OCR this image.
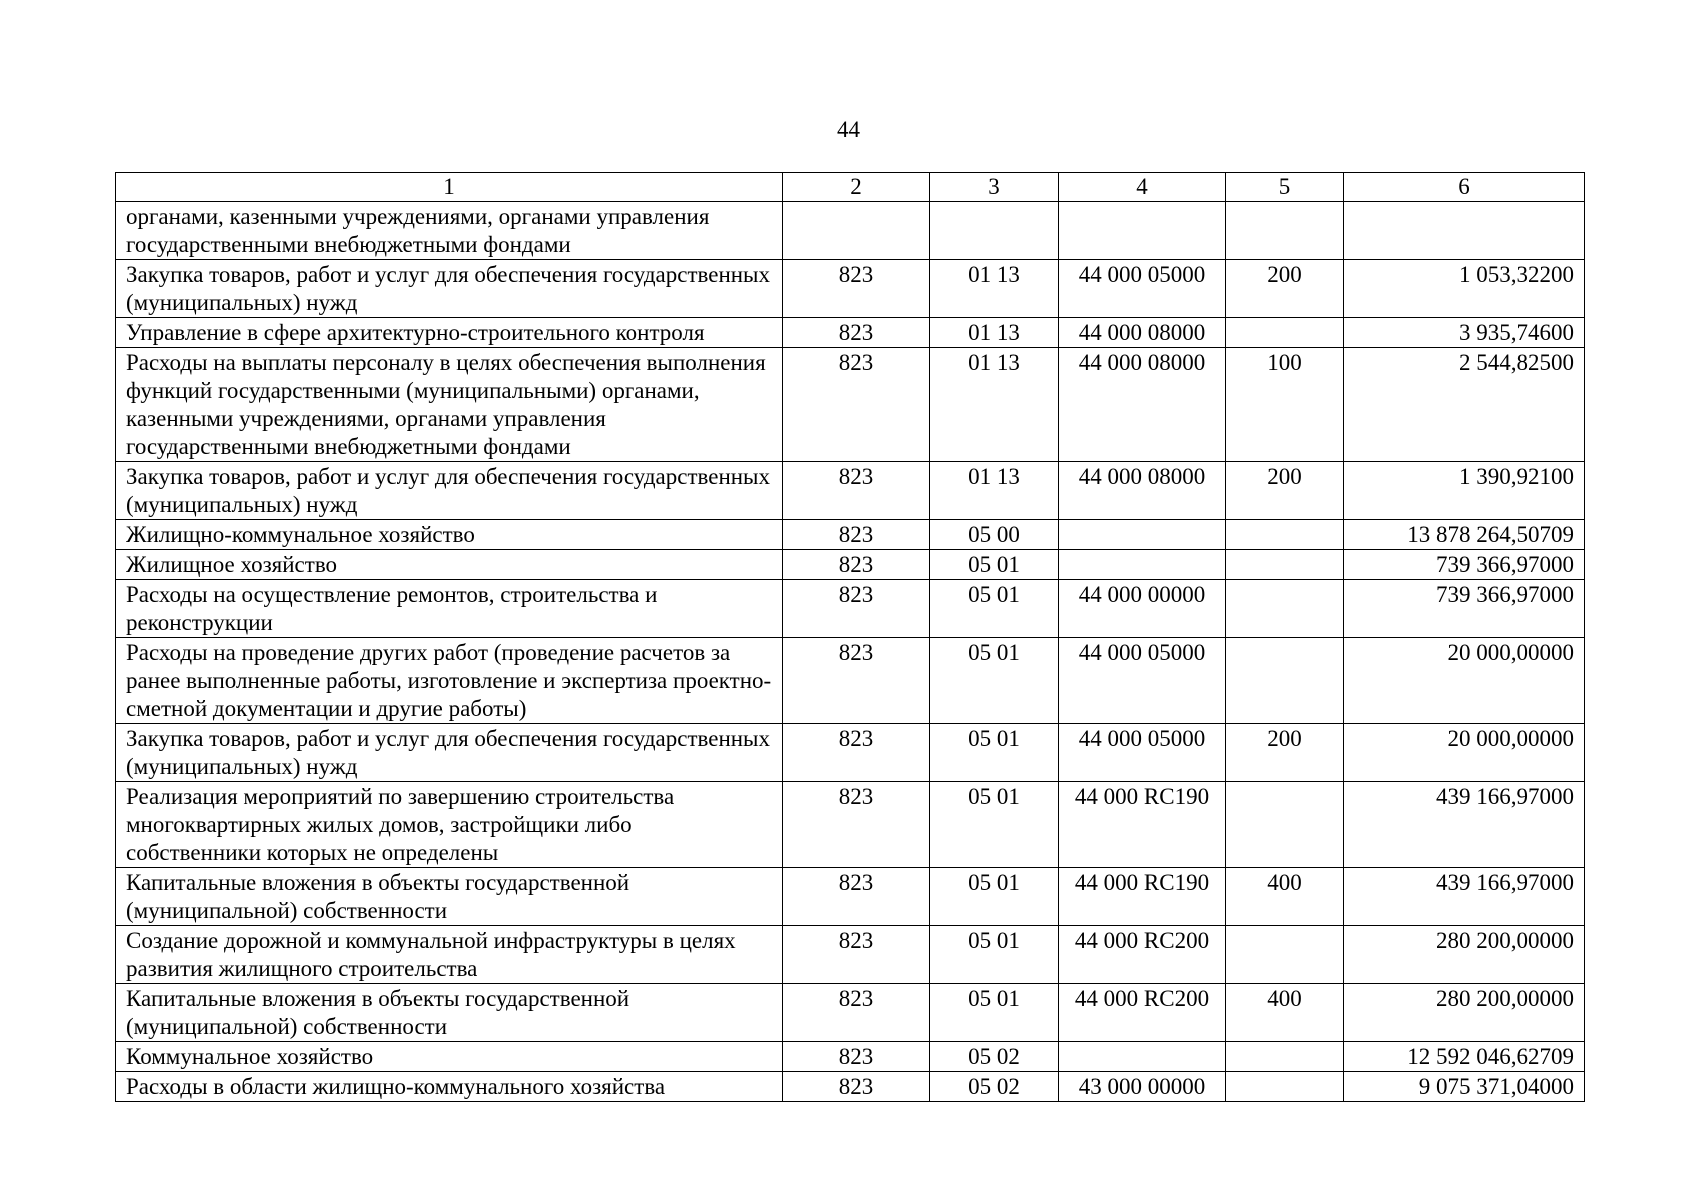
44
1	2	3	4	5	6
органами, казенными учреждениями, органами управления государственными внебюджетными фондами					
Закупка товаров, работ и услуг для обеспечения государственных (муниципальных) нужд	823	01 13	44 000 05000	200	1 053,32200
Управление в сфере архитектурно-строительного контроля	823	01 13	44 000 08000		3 935,74600
Расходы на выплаты персоналу в целях обеспечения выполнения функций государственными (муниципальными) органами, казенными учреждениями, органами управления государственными внебюджетными фондами	823	01 13	44 000 08000	100	2 544,82500
Закупка товаров, работ и услуг для обеспечения государственных (муниципальных) нужд	823	01 13	44 000 08000	200	1 390,92100
Жилищно-коммунальное хозяйство	823	05 00			13 878 264,50709
Жилищное хозяйство	823	05 01			739 366,97000
Расходы на осуществление ремонтов, строительства и реконструкции	823	05 01	44 000 00000		739 366,97000
Расходы на проведение других работ (проведение расчетов за ранее выполненные работы, изготовление и экспертиза проектно-сметной документации и другие работы)	823	05 01	44 000 05000		20 000,00000
Закупка товаров, работ и услуг для обеспечения государственных (муниципальных) нужд	823	05 01	44 000 05000	200	20 000,00000
Реализация мероприятий по завершению строительства многоквартирных жилых домов, застройщики либо собственники которых не определены	823	05 01	44 000 RC190		439 166,97000
Капитальные вложения в объекты государственной (муниципальной) собственности	823	05 01	44 000 RC190	400	439 166,97000
Создание дорожной и коммунальной инфраструктуры в целях развития жилищного строительства	823	05 01	44 000 RC200		280 200,00000
Капитальные вложения в объекты государственной (муниципальной) собственности	823	05 01	44 000 RC200	400	280 200,00000
Коммунальное хозяйство	823	05 02			12 592 046,62709
Расходы в области жилищно-коммунального хозяйства	823	05 02	43 000 00000		9 075 371,04000
